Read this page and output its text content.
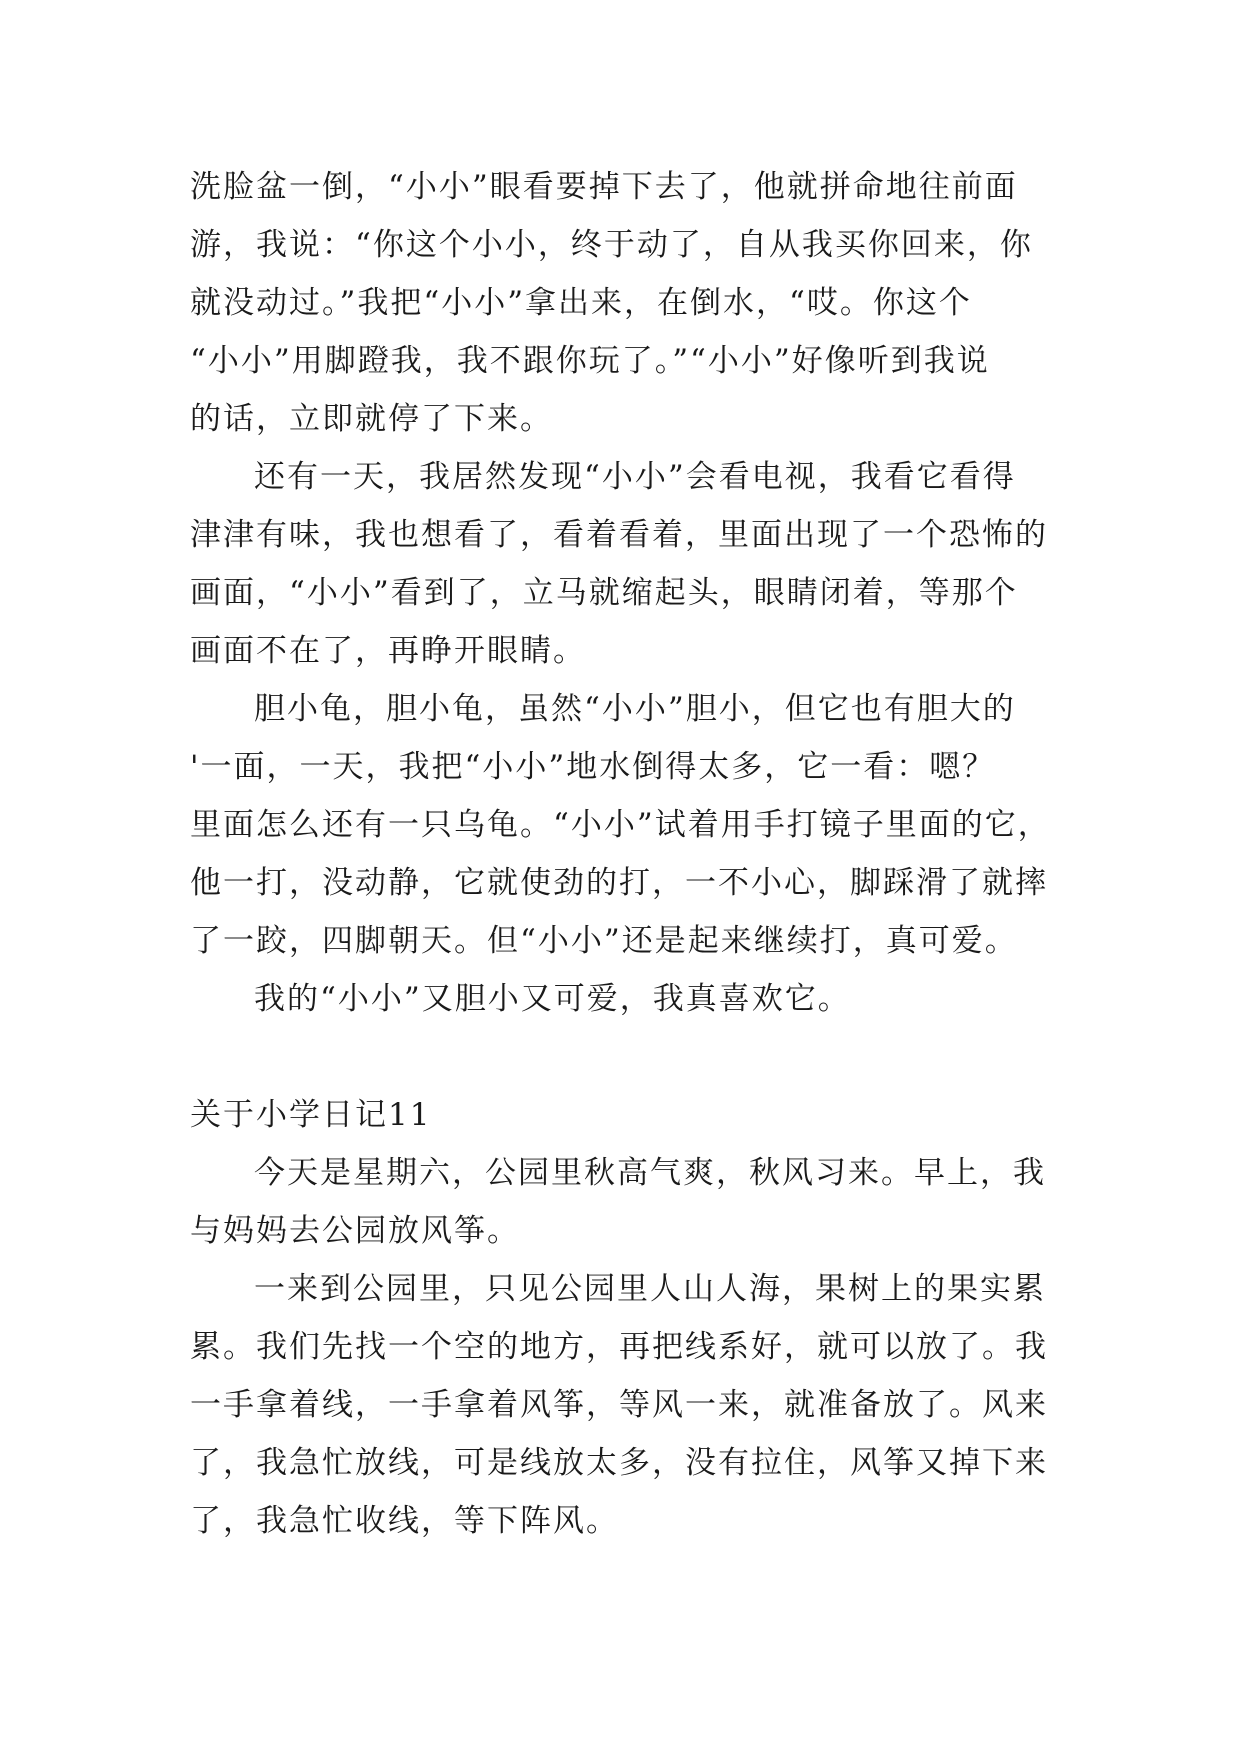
洗脸盆一倒，“小小”眼看要掉下去了，他就拼命地往前面
游，我说：“你这个小小，终于动了，自从我买你回来，你
就没动过。”我把“小小”拿出来，在倒水，“哎。你这个
“小小”用脚蹬我，我不跟你玩了。”“小小”好像听到我说
的话，立即就停了下来。
还有一天，我居然发现“小小”会看电视，我看它看得
津津有味，我也想看了，看着看着，里面出现了一个恐怖的
画面，“小小”看到了，立马就缩起头，眼睛闭着，等那个
画面不在了，再睁开眼睛。
胆小龟，胆小龟，虽然“小小”胆小，但它也有胆大的
'一面，一天，我把“小小”地水倒得太多，它一看：嗯？
里面怎么还有一只乌龟。“小小”试着用手打镜子里面的它，
他一打，没动静，它就使劲的打，一不小心，脚踩滑了就摔
了一跤，四脚朝天。但“小小”还是起来继续打，真可爱。
我的“小小”又胆小又可爱，我真喜欢它。
关于小学日记11
今天是星期六，公园里秋高气爽，秋风习来。早上，我
与妈妈去公园放风筝。
一来到公园里，只见公园里人山人海，果树上的果实累
累。我们先找一个空的地方，再把线系好，就可以放了。我
一手拿着线，一手拿着风筝，等风一来，就准备放了。风来
了，我急忙放线，可是线放太多，没有拉住，风筝又掉下来
了，我急忙收线，等下阵风。
